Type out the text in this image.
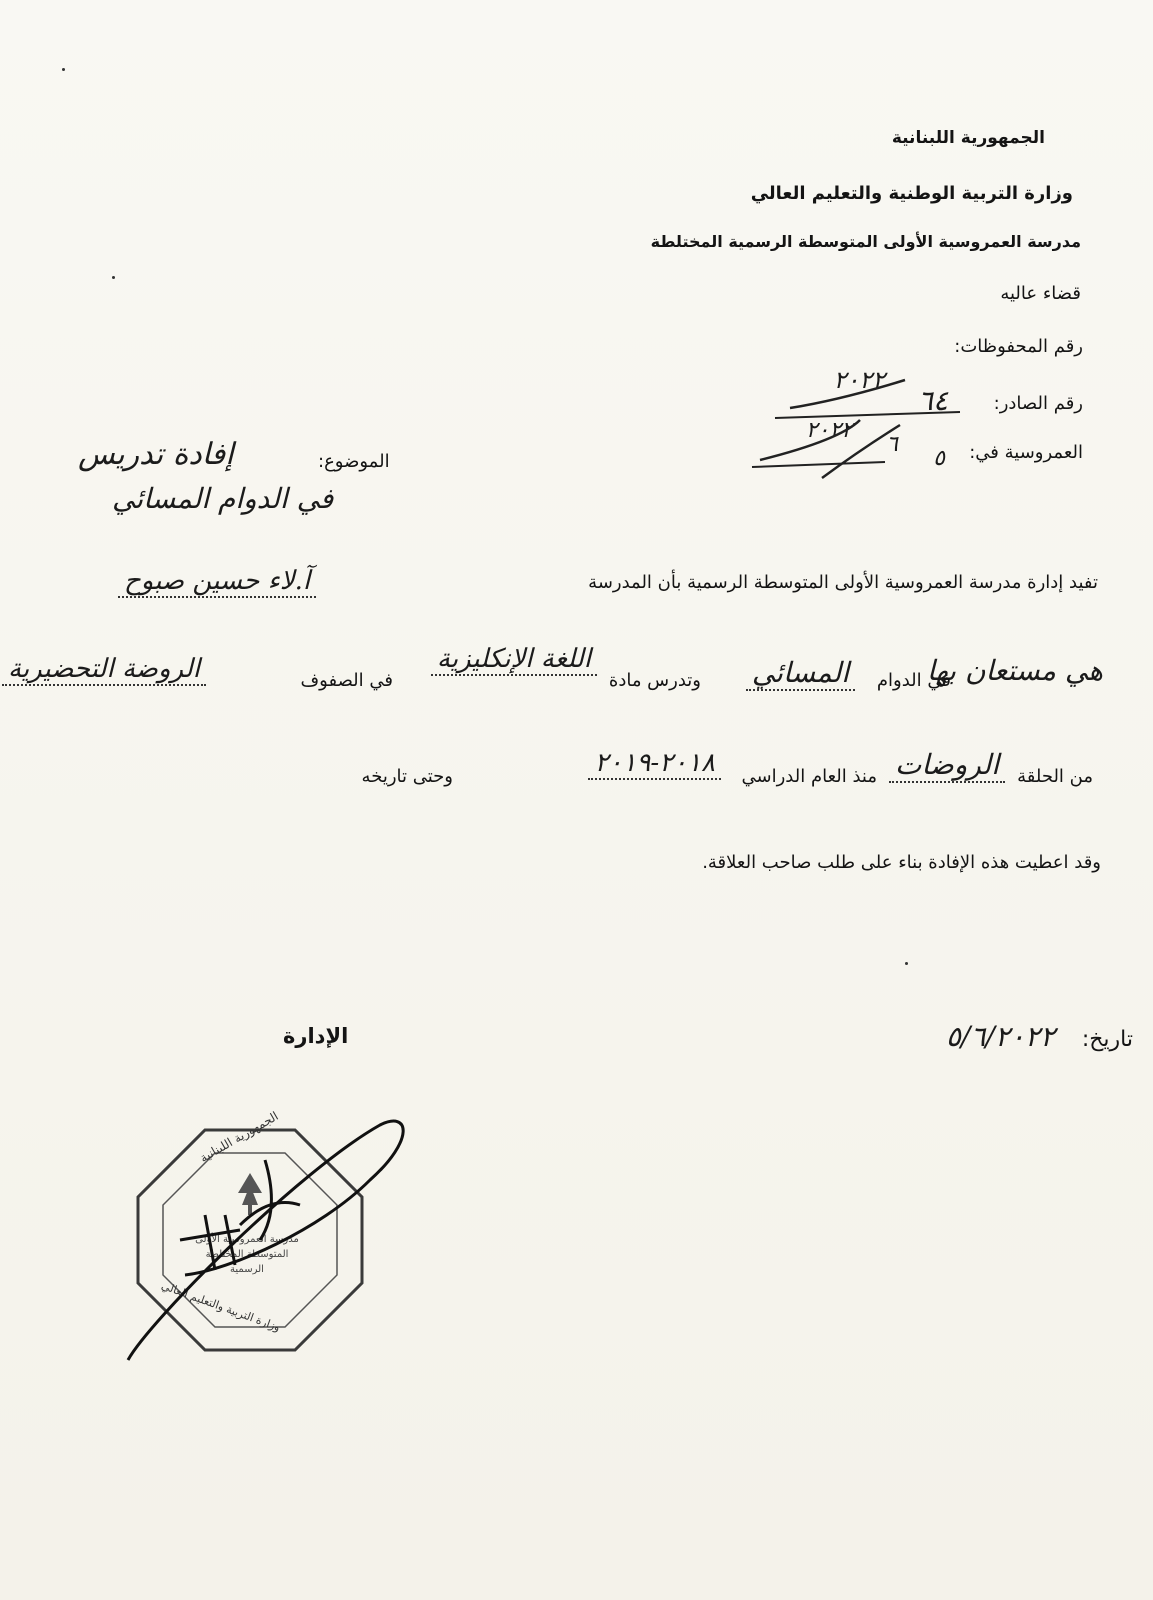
الجمهورية اللبنانية
وزارة التربية الوطنية والتعليم العالي
مدرسة العمروسية الأولى المتوسطة الرسمية المختلطة
قضاء عاليه
رقم المحفوظات:
رقم الصادر:
٦٤
٢٠٢٢
العمروسية في:
٥
٦
٢٠٢٢
الموضوع:
إفادة تدريس
في الدوام المسائي
تفيد إدارة مدرسة العمروسية الأولى المتوسطة الرسمية بأن المدرسة
آ.لاء حسين صبوح
هي مستعان بها
في الدوام
المسائي
وتدرس مادة
اللغة الإنكليزية
في الصفوف
الروضة التحضيرية
من الحلقة
الروضات
منذ العام الدراسي
٢٠١٨-٢٠١٩
وحتى تاريخه
وقد اعطيت هذه الإفادة بناء على طلب صاحب العلاقة.
تاريخ:
٥/٦/٢٠٢٢
الإدارة
الجمهورية اللبنانية
وزارة التربية والتعليم العالي
مدرسة العمروسية الأولى المتوسطة المختلطة الرسمية
